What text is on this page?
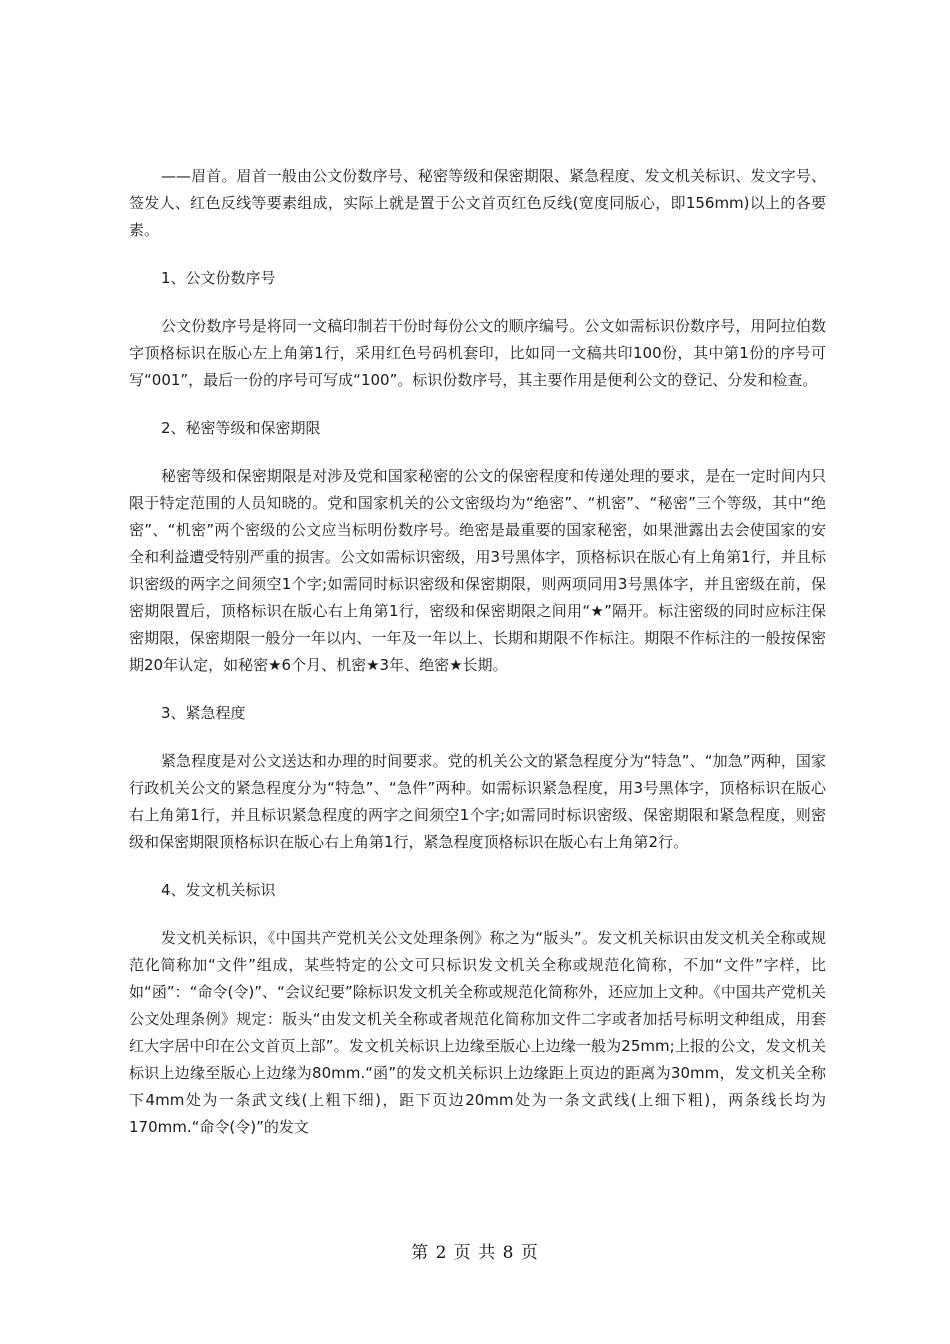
——眉首。眉首一般由公文份数序号、秘密等级和保密期限、紧急程度、发文机关标识、发文字号、签发人、红色反线等要素组成，实际上就是置于公文首页红色反线(宽度同版心，即156mm)以上的各要素。

1、公文份数序号

公文份数序号是将同一文稿印制若干份时每份公文的顺序编号。公文如需标识份数序号，用阿拉伯数字顶格标识在版心左上角第1行，采用红色号码机套印，比如同一文稿共印100份，其中第1份的序号可写“001”，最后一份的序号可写成“100”。标识份数序号，其主要作用是便利公文的登记、分发和检查。

2、秘密等级和保密期限

秘密等级和保密期限是对涉及党和国家秘密的公文的保密程度和传递处理的要求，是在一定时间内只限于特定范围的人员知晓的。党和国家机关的公文密级均为“绝密”、“机密”、“秘密”三个等级，其中“绝密”、“机密”两个密级的公文应当标明份数序号。绝密是最重要的国家秘密，如果泄露出去会使国家的安全和利益遭受特别严重的损害。公文如需标识密级，用3号黑体字，顶格标识在版心有上角第1行，并且标识密级的两字之间须空1个字;如需同时标识密级和保密期限，则两项同用3号黑体字，并且密级在前，保密期限置后，顶格标识在版心右上角第1行，密级和保密期限之间用“★”隔开。标注密级的同时应标注保密期限，保密期限一般分一年以内、一年及一年以上、长期和期限不作标注。期限不作标注的一般按保密期20年认定，如秘密★6个月、机密★3年、绝密★长期。

3、紧急程度

紧急程度是对公文送达和办理的时间要求。党的机关公文的紧急程度分为“特急”、“加急”两种，国家行政机关公文的紧急程度分为“特急”、“急件”两种。如需标识紧急程度，用3号黑体字，顶格标识在版心右上角第1行，并且标识紧急程度的两字之间须空1个字;如需同时标识密级、保密期限和紧急程度，则密级和保密期限顶格标识在版心右上角第1行，紧急程度顶格标识在版心右上角第2行。

4、发文机关标识

发文机关标识，《中国共产党机关公文处理条例》称之为“版头”。发文机关标识由发文机关全称或规范化简称加“文件”组成，某些特定的公文可只标识发文机关全称或规范化简称，不加“文件”字样，比如“函”：“命令(令)”、“会议纪要”除标识发文机关全称或规范化简称外，还应加上文种。《中国共产党机关公文处理条例》规定：版头“由发文机关全称或者规范化简称加文件二字或者加括号标明文种组成，用套红大字居中印在公文首页上部”。发文机关标识上边缘至版心上边缘一般为25mm;上报的公文，发文机关标识上边缘至版心上边缘为80mm.“函”的发文机关标识上边缘距上页边的距离为30mm，发文机关全称下4mm处为一条武文线(上粗下细)，距下页边20mm处为一条文武线(上细下粗)，两条线长均为170mm.“命令(令)”的发文

第 2 页 共 8 页
